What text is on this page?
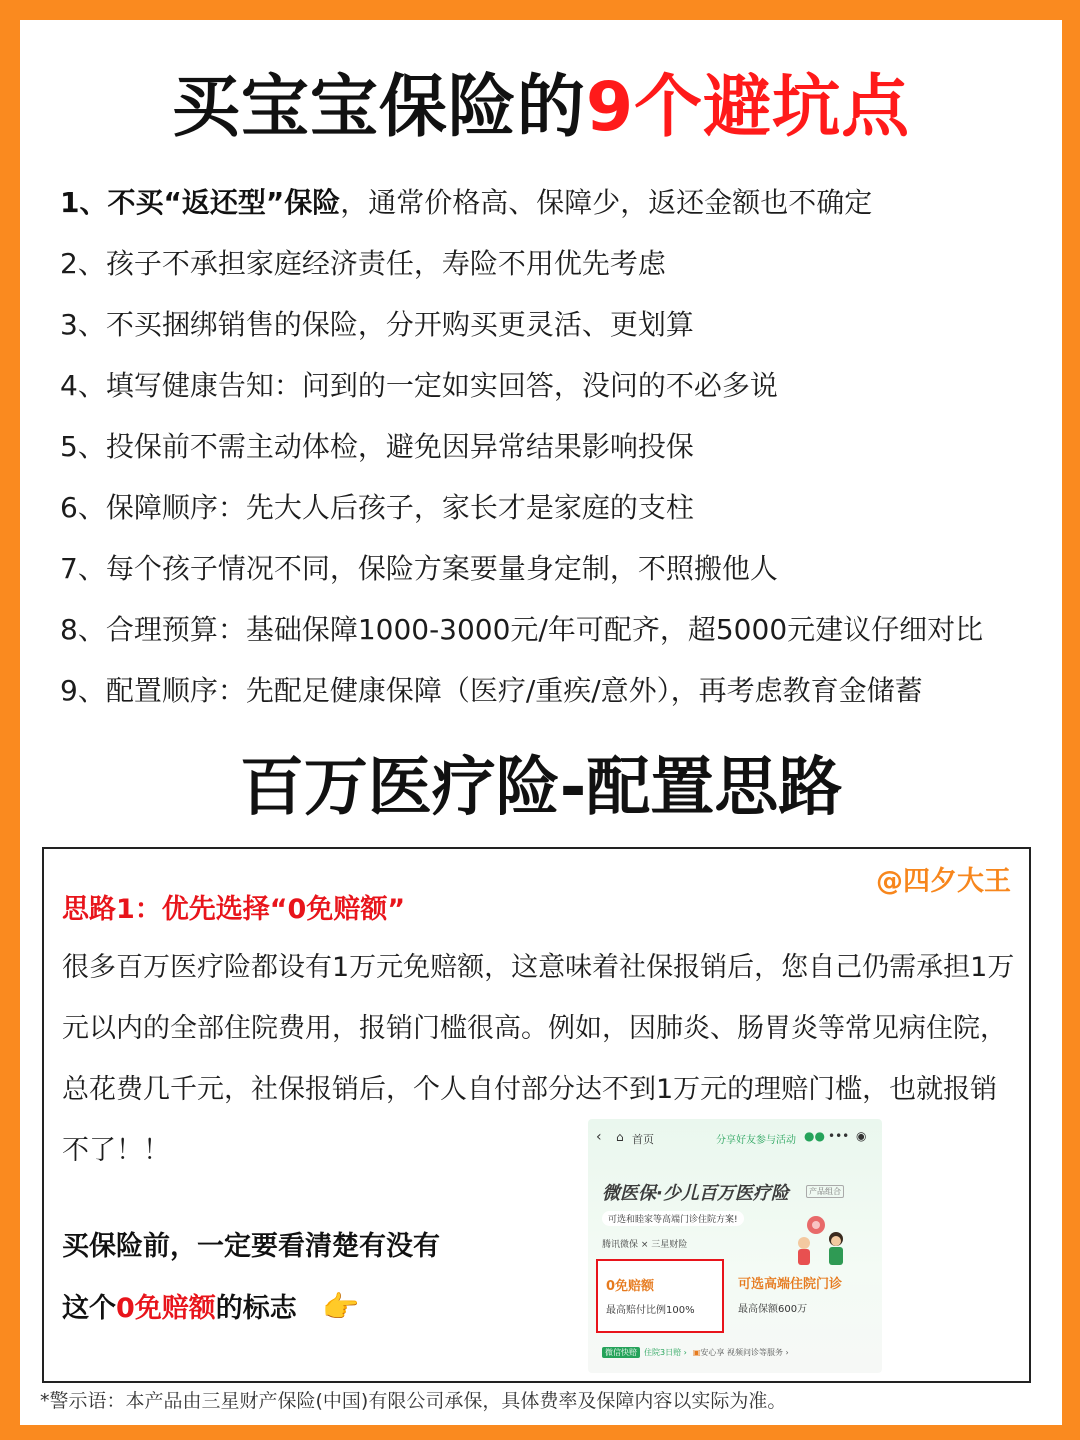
买宝宝保险的9个避坑点
1、不买“返还型”保险，通常价格高、保障少，返还金额也不确定
2、孩子不承担家庭经济责任，寿险不用优先考虑
3、不买捆绑销售的保险，分开购买更灵活、更划算
4、填写健康告知：问到的一定如实回答，没问的不必多说
5、投保前不需主动体检，避免因异常结果影响投保
6、保障顺序：先大人后孩子，家长才是家庭的支柱
7、每个孩子情况不同，保险方案要量身定制，不照搬他人
8、合理预算：基础保障1000-3000元/年可配齐，超5000元建议仔细对比
9、配置顺序：先配足健康保障（医疗/重疾/意外），再考虑教育金储蓄
百万医疗险-配置思路
@四夕大王
思路1：优先选择“0免赔额”
很多百万医疗险都设有1万元免赔额，这意味着社保报销后，您自己仍需承担1万元以内的全部住院费用，报销门槛很高。例如，因肺炎、肠胃炎等常见病住院，总花费几千元，社保报销后，个人自付部分达不到1万元的理赔门槛，也就报销不了！！
买保险前，一定要看清楚有没有
这个0免赔额的标志 👉
‹ ⌂ 首页	分享好友参与活动 ●● ••• ◉
微医保·少儿百万医疗险	产品组合
可选和睦家等高端门诊住院方案!
腾讯微保 × 三星财险
0免赔额
最高赔付比例100%
可选高端住院门诊
最高保额600万
微信快赔 住院3日赔 › ▣安心享 视频问诊等服务 ›
*警示语：本产品由三星财产保险(中国)有限公司承保，具体费率及保障内容以实际为准。
